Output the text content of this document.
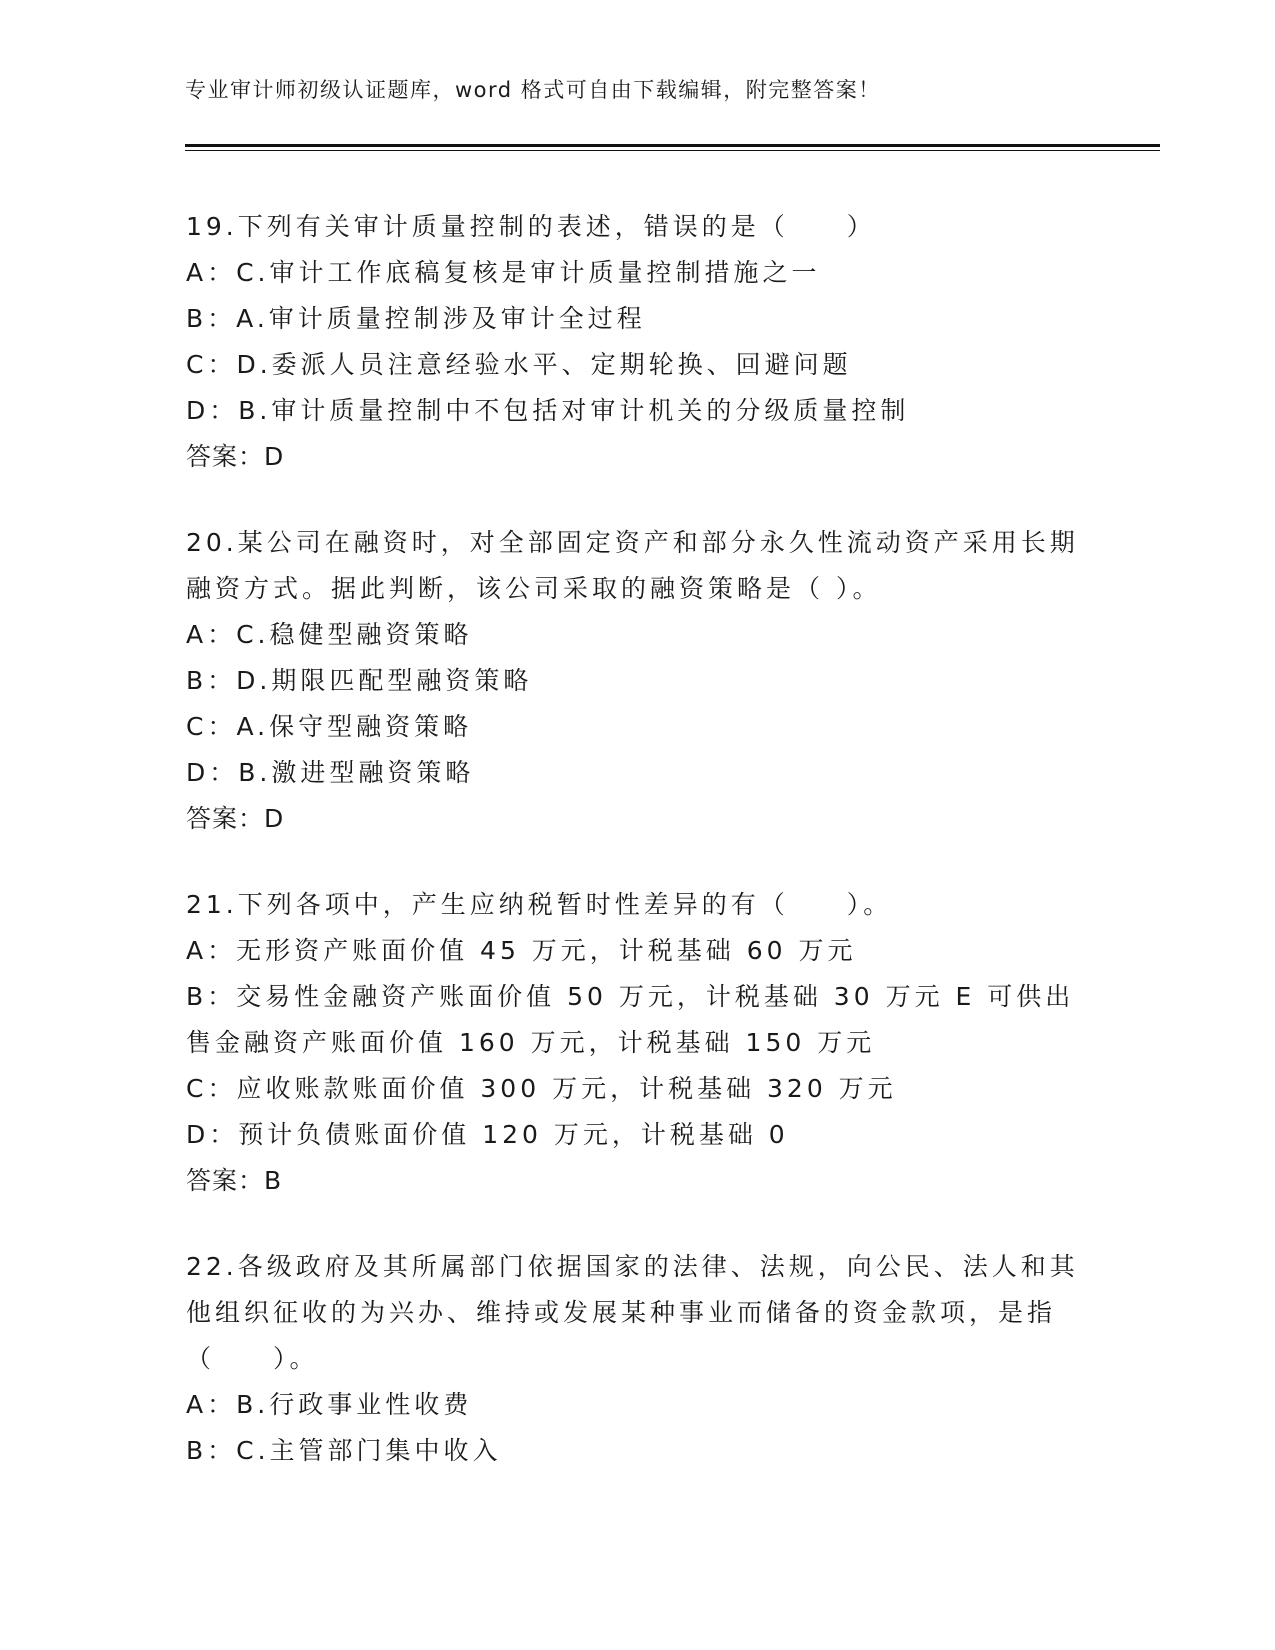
专业审计师初级认证题库，word 格式可自由下载编辑，附完整答案！
19.下列有关审计质量控制的表述，错误的是（　　）
A：C.审计工作底稿复核是审计质量控制措施之一
B：A.审计质量控制涉及审计全过程
C：D.委派人员注意经验水平、定期轮换、回避问题
D：B.审计质量控制中不包括对审计机关的分级质量控制
答案：D
20.某公司在融资时，对全部固定资产和部分永久性流动资产采用长期融资方式。据此判断，该公司采取的融资策略是（ ）。
A：C.稳健型融资策略
B：D.期限匹配型融资策略
C：A.保守型融资策略
D：B.激进型融资策略
答案：D
21.下列各项中，产生应纳税暂时性差异的有（　　）。
A：无形资产账面价值 45 万元，计税基础 60 万元
B：交易性金融资产账面价值 50 万元，计税基础 30 万元 E 可供出售金融资产账面价值 160 万元，计税基础 150 万元
C：应收账款账面价值 300 万元，计税基础 320 万元
D：预计负债账面价值 120 万元，计税基础 0
答案：B
22.各级政府及其所属部门依据国家的法律、法规，向公民、法人和其他组织征收的为兴办、维持或发展某种事业而储备的资金款项，是指（　　）。
A：B.行政事业性收费
B：C.主管部门集中收入
